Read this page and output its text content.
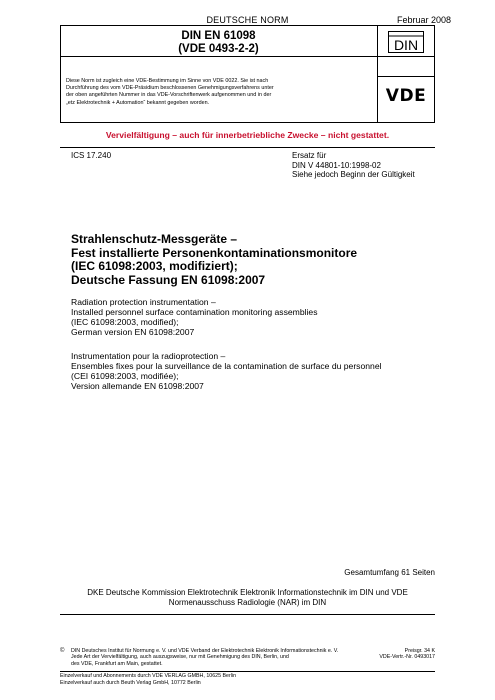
DEUTSCHE NORM	Februar 2008
DIN EN 61098
(VDE 0493-2-2)
Diese Norm ist zugleich eine VDE-Bestimmung im Sinne von VDE 0022. Sie ist nach
Durchführung des vom VDE-Präsidium beschlossenen Genehmigungsverfahrens unter
der oben angeführten Nummer in das VDE-Vorschriftenwerk aufgenommen und in der
„etz Elektrotechnik + Automation“ bekannt gegeben worden.
DIN
VDE
Vervielfältigung – auch für innerbetriebliche Zwecke – nicht gestattet.
ICS 17.240	Ersatz für
DIN V 44801-10:1998-02
Siehe jedoch Beginn der Gültigkeit
Strahlenschutz-Messgeräte –
Fest installierte Personenkontaminationsmonitore
(IEC 61098:2003, modifiziert);
Deutsche Fassung EN 61098:2007
Radiation protection instrumentation –
Installed personnel surface contamination monitoring assemblies
(IEC 61098:2003, modified);
German version EN 61098:2007
Instrumentation pour la radioprotection –
Ensembles fixes pour la surveillance de la contamination de surface du personnel
(CEI 61098:2003, modifiée);
Version allemande EN 61098:2007
Gesamtumfang 61 Seiten
DKE Deutsche Kommission Elektrotechnik Elektronik Informationstechnik im DIN und VDE
Normenausschuss Radiologie (NAR) im DIN
© DIN Deutsches Institut für Normung e. V. und VDE Verband der Elektrotechnik Elektronik Informationstechnik e. V.
Jede Art der Vervielfältigung, auch auszugsweise, nur mit Genehmigung des DIN, Berlin, und
des VDE, Frankfurt am Main, gestattet.
Preisgr. 34 K
VDE-Vertr.-Nr. 0493017
Einzelverkauf und Abonnements durch VDE VERLAG GMBH, 10625 Berlin
Einzelverkauf auch durch Beuth Verlag GmbH, 10772 Berlin
